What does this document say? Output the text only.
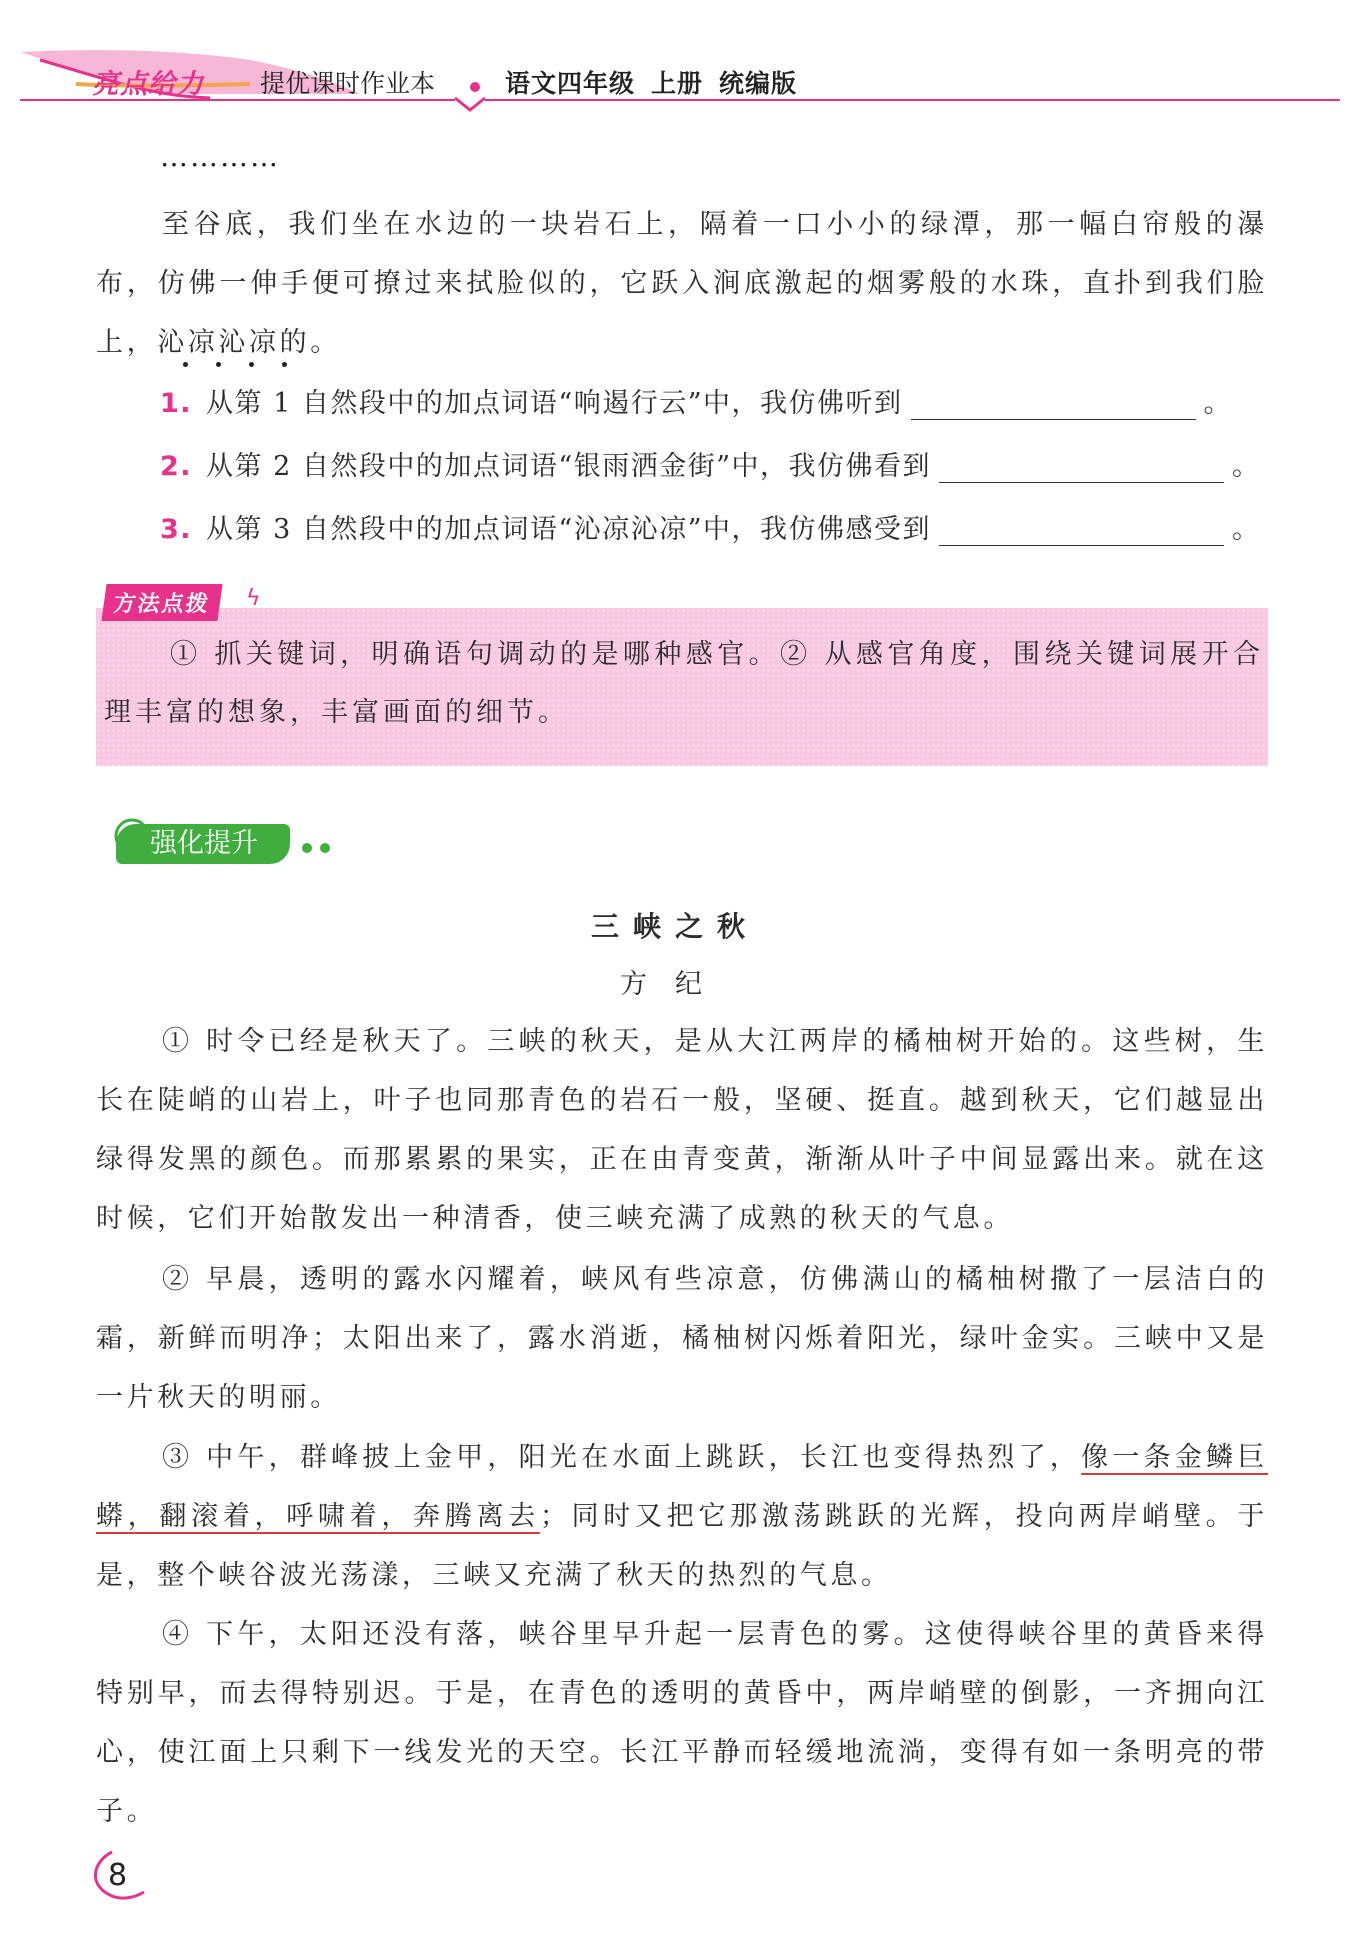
亮点给力 提优课时作业本	语文四年级 上册 统编版
…………

至谷底，我们坐在水边的一块岩石上，隔着一口小小的绿潭，那一幅白帘般的瀑布，仿佛一伸手便可撩过来拭脸似的，它跃入涧底激起的烟雾般的水珠，直扑到我们脸上，沁凉沁凉的。

1. 从第 1 自然段中的加点词语“响遏行云”中，我仿佛听到	。
2. 从第 2 自然段中的加点词语“银雨洒金街”中，我仿佛看到	。
3. 从第 3 自然段中的加点词语“沁凉沁凉”中，我仿佛感受到	。
方法点拨	ϟ

① 抓关键词，明确语句调动的是哪种感官。② 从感官角度，围绕关键词展开合理丰富的想象，丰富画面的细节。

强化提升
三峡之秋
方纪

① 时令已经是秋天了。三峡的秋天，是从大江两岸的橘柚树开始的。这些树，生长在陡峭的山岩上，叶子也同那青色的岩石一般，坚硬、挺直。越到秋天，它们越显出绿得发黑的颜色。而那累累的果实，正在由青变黄，渐渐从叶子中间显露出来。就在这时候，它们开始散发出一种清香，使三峡充满了成熟的秋天的气息。

② 早晨，透明的露水闪耀着，峡风有些凉意，仿佛满山的橘柚树撒了一层洁白的霜，新鲜而明净；太阳出来了，露水消逝，橘柚树闪烁着阳光，绿叶金实。三峡中又是一片秋天的明丽。

③ 中午，群峰披上金甲，阳光在水面上跳跃，长江也变得热烈了，像一条金鳞巨蟒，翻滚着，呼啸着，奔腾离去；同时又把它那激荡跳跃的光辉，投向两岸峭壁。于是，整个峡谷波光荡漾，三峡又充满了秋天的热烈的气息。

④ 下午，太阳还没有落，峡谷里早升起一层青色的雾。这使得峡谷里的黄昏来得特别早，而去得特别迟。于是，在青色的透明的黄昏中，两岸峭壁的倒影，一齐拥向江心，使江面上只剩下一线发光的天空。长江平静而轻缓地流淌，变得有如一条明亮的带子。

8
